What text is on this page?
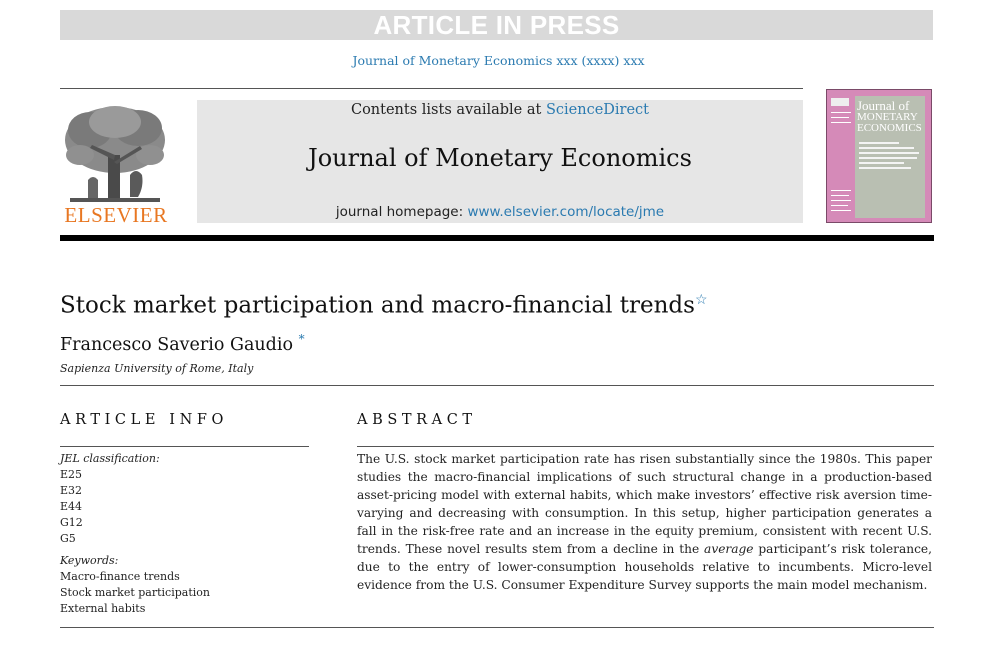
ARTICLE IN PRESS
Journal of Monetary Economics xxx (xxxx) xxx
ELSEVIER
Contents lists available at ScienceDirect
Journal of Monetary Economics
journal homepage: www.elsevier.com/locate/jme
Journal of
MONETARY
ECONOMICS
Stock market participation and macro-financial trends☆
Francesco Saverio Gaudio *
Sapienza University of Rome, Italy
ARTICLE INFO	ABSTRACT
JEL classification:
E25
E32
E44
G12
G5
Keywords:
Macro-finance trends
Stock market participation
External habits
The U.S. stock market participation rate has risen substantially since the 1980s. This paper studies the macro-financial implications of such structural change in a production-based asset-pricing model with external habits, which make investors’ effective risk aversion time-varying and decreasing with consumption. In this setup, higher participation generates a fall in the risk-free rate and an increase in the equity premium, consistent with recent U.S. trends. These novel results stem from a decline in the average participant’s risk tolerance, due to the entry of lower-consumption households relative to incumbents. Micro-level evidence from the U.S. Consumer Expenditure Survey supports the main model mechanism.
